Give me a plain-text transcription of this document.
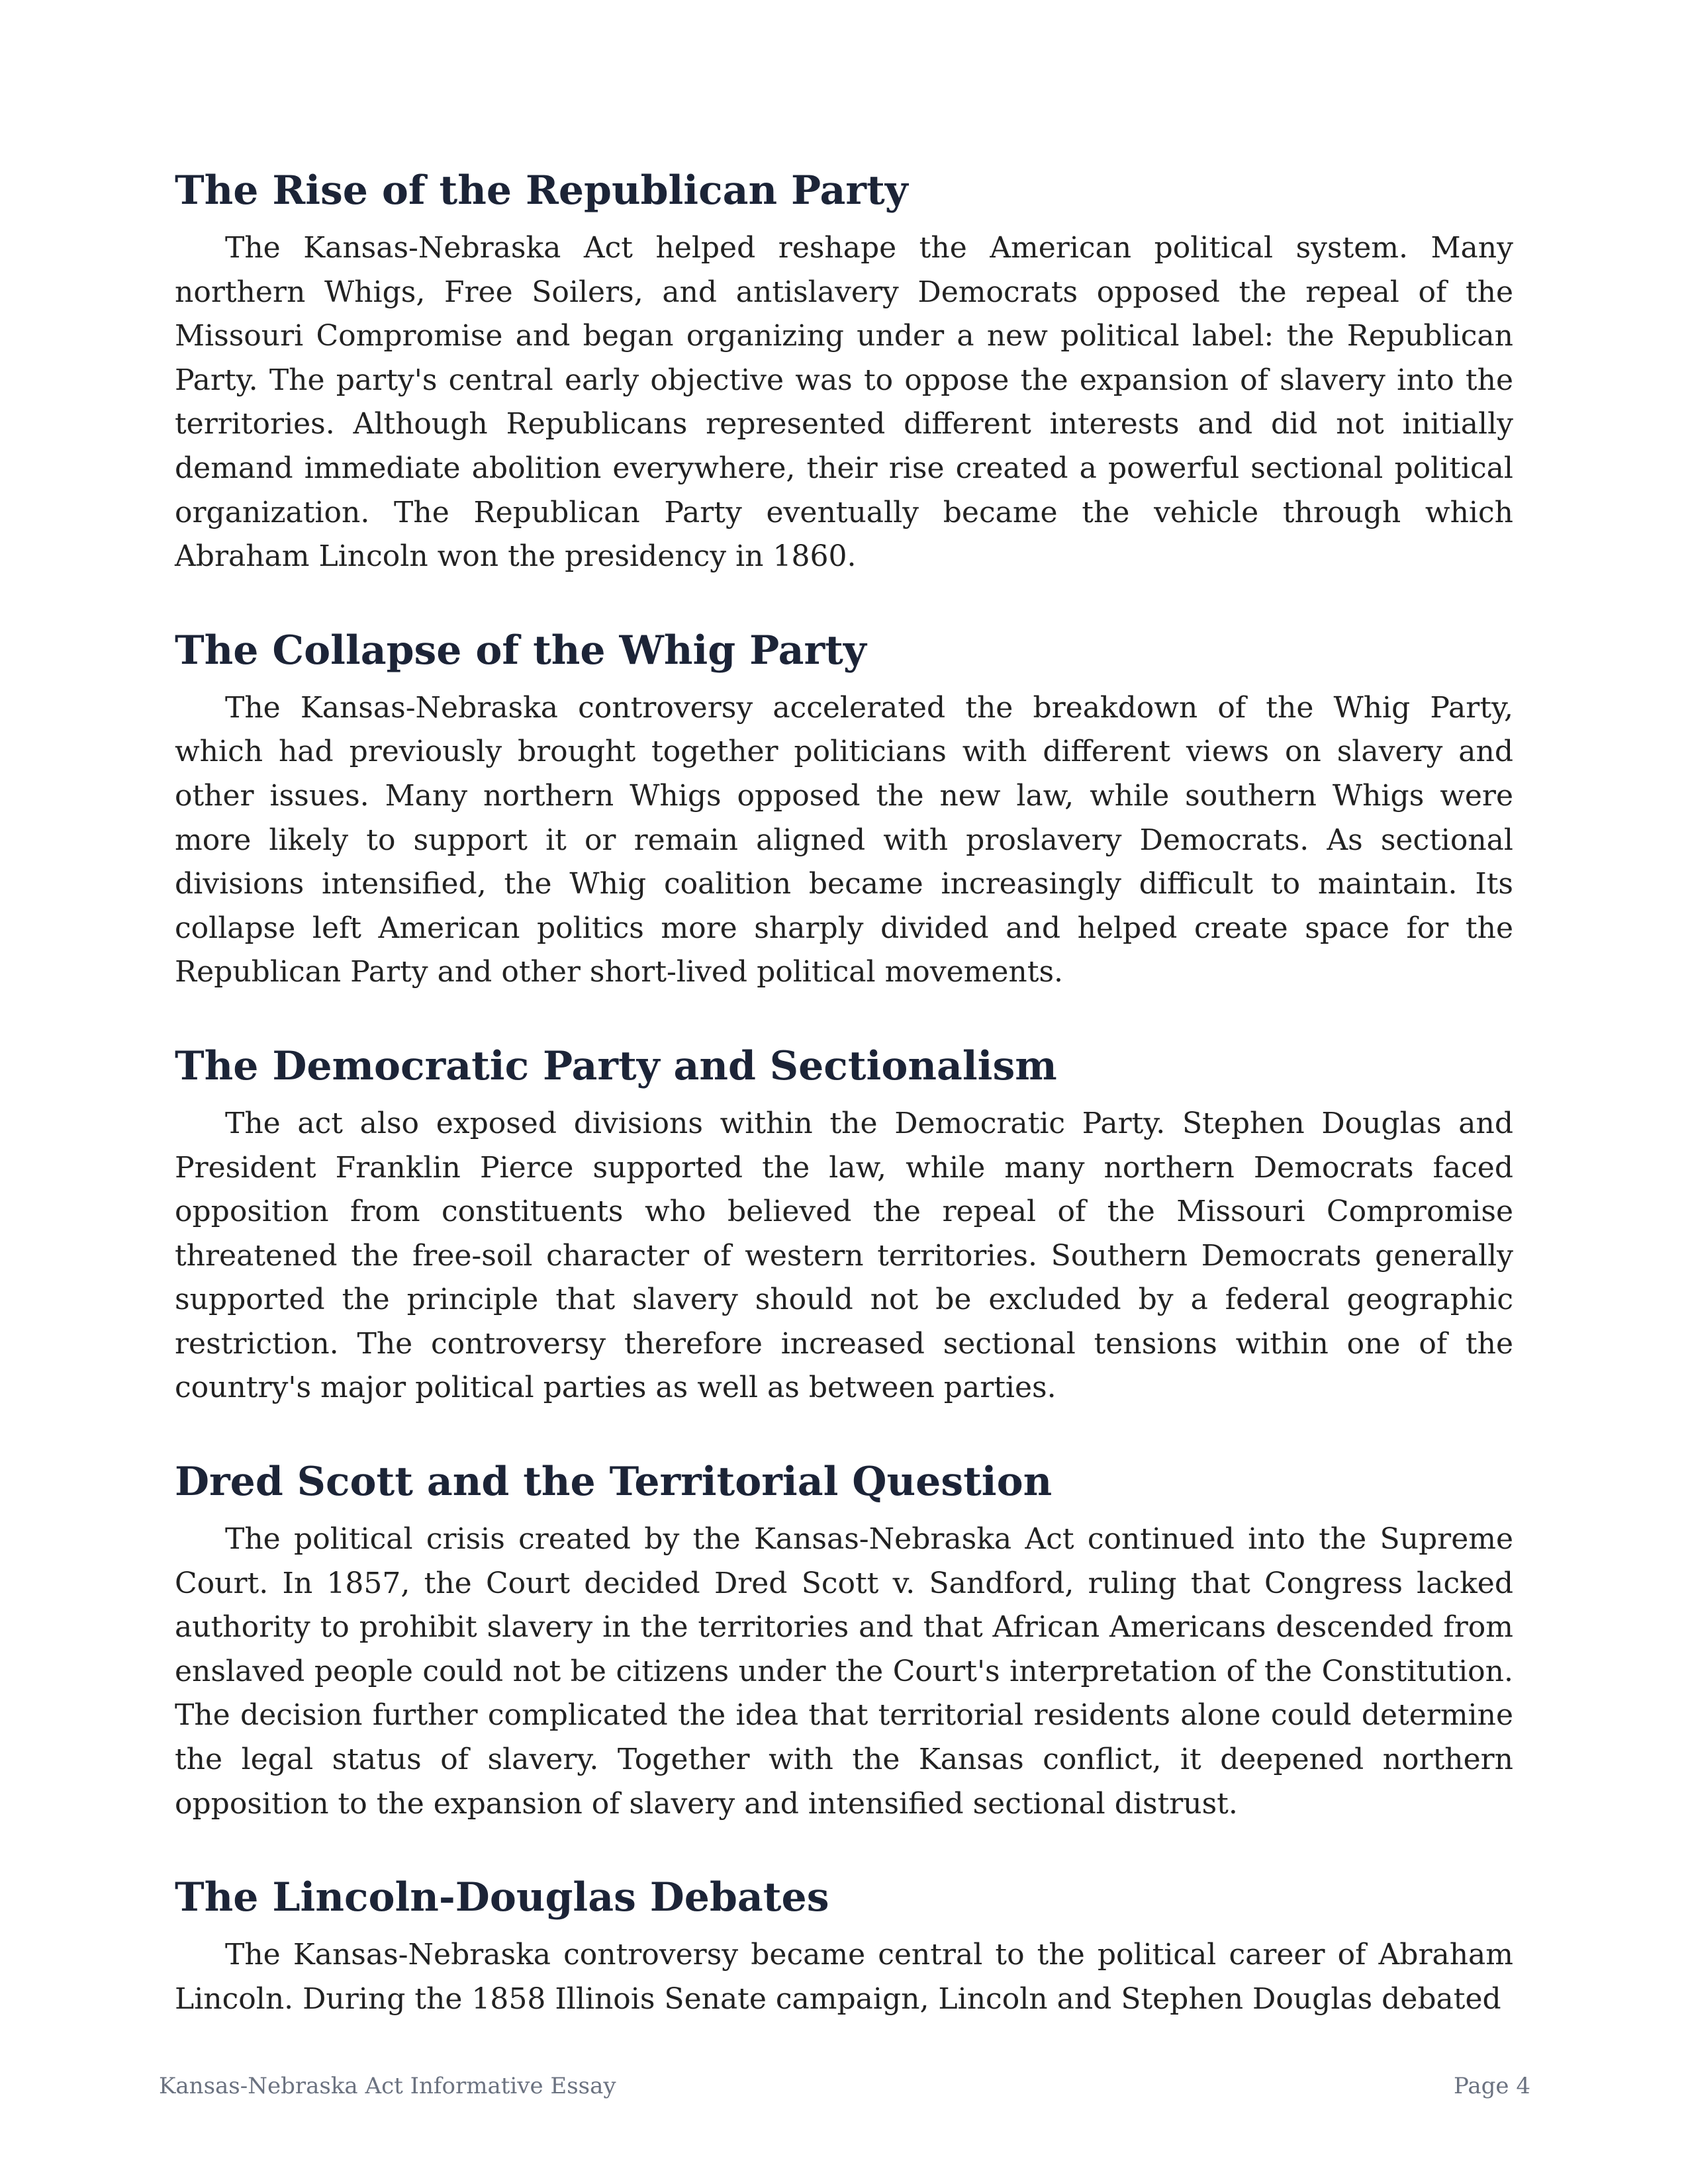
The Rise of the Republican Party

The Kansas-Nebraska Act helped reshape the American political system. Many northern Whigs, Free Soilers, and antislavery Democrats opposed the repeal of the Missouri Compromise and began organizing under a new political label: the Republican Party. The party's central early objective was to oppose the expansion of slavery into the territories. Although Republicans represented different interests and did not initially demand immediate abolition everywhere, their rise created a powerful sectional political organization. The Republican Party eventually became the vehicle through which Abraham Lincoln won the presidency in 1860.

The Collapse of the Whig Party

The Kansas-Nebraska controversy accelerated the breakdown of the Whig Party, which had previously brought together politicians with different views on slavery and other issues. Many northern Whigs opposed the new law, while southern Whigs were more likely to support it or remain aligned with proslavery Democrats. As sectional divisions intensified, the Whig coalition became increasingly difficult to maintain. Its collapse left American politics more sharply divided and helped create space for the Republican Party and other short-lived political movements.

The Democratic Party and Sectionalism

The act also exposed divisions within the Democratic Party. Stephen Douglas and President Franklin Pierce supported the law, while many northern Democrats faced opposition from constituents who believed the repeal of the Missouri Compromise threatened the free-soil character of western territories. Southern Democrats generally supported the principle that slavery should not be excluded by a federal geographic restriction. The controversy therefore increased sectional tensions within one of the country's major political parties as well as between parties.

Dred Scott and the Territorial Question

The political crisis created by the Kansas-Nebraska Act continued into the Supreme Court. In 1857, the Court decided Dred Scott v. Sandford, ruling that Congress lacked authority to prohibit slavery in the territories and that African Americans descended from enslaved people could not be citizens under the Court's interpretation of the Constitution. The decision further complicated the idea that territorial residents alone could determine the legal status of slavery. Together with the Kansas conflict, it deepened northern opposition to the expansion of slavery and intensified sectional distrust.

The Lincoln-Douglas Debates

The Kansas-Nebraska controversy became central to the political career of Abraham Lincoln. During the 1858 Illinois Senate campaign, Lincoln and Stephen Douglas debated

Kansas-Nebraska Act Informative Essay	Page 4
